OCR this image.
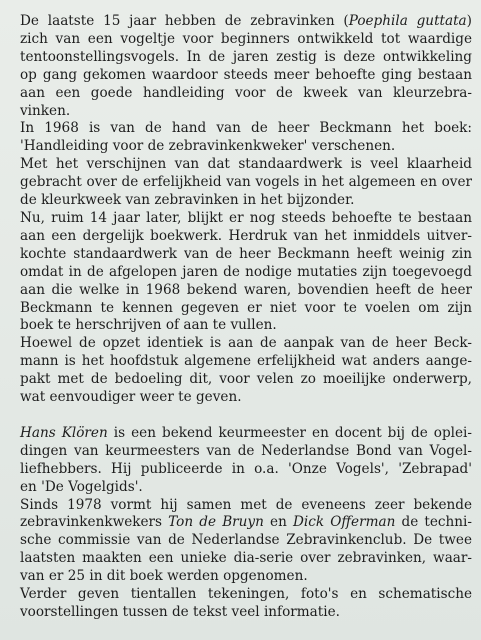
De laatste 15 jaar hebben de zebravinken (Poephila guttata)
zich van een vogeltje voor beginners ontwikkeld tot waardige
tentoonstellingsvogels. In de jaren zestig is deze ontwikkeling
op gang gekomen waardoor steeds meer behoefte ging bestaan
aan een goede handleiding voor de kweek van kleurzebra-
vinken.
In 1968 is van de hand van de heer Beckmann het boek:
'Handleiding voor de zebravinkenkweker' verschenen.
Met het verschijnen van dat standaardwerk is veel klaarheid
gebracht over de erfelijkheid van vogels in het algemeen en over
de kleurkweek van zebravinken in het bijzonder.
Nu, ruim 14 jaar later, blijkt er nog steeds behoefte te bestaan
aan een dergelijk boekwerk. Herdruk van het inmiddels uitver-
kochte standaardwerk van de heer Beckmann heeft weinig zin
omdat in de afgelopen jaren de nodige mutaties zijn toegevoegd
aan die welke in 1968 bekend waren, bovendien heeft de heer
Beckmann te kennen gegeven er niet voor te voelen om zijn
boek te herschrijven of aan te vullen.
Hoewel de opzet identiek is aan de aanpak van de heer Beck-
mann is het hoofdstuk algemene erfelijkheid wat anders aange-
pakt met de bedoeling dit, voor velen zo moeilijke onderwerp,
wat eenvoudiger weer te geven.
Hans Klören is een bekend keurmeester en docent bij de oplei-
dingen van keurmeesters van de Nederlandse Bond van Vogel-
liefhebbers. Hij publiceerde in o.a. 'Onze Vogels', 'Zebrapad'
en 'De Vogelgids'.
Sinds 1978 vormt hij samen met de eveneens zeer bekende
zebravinkenkwekers Ton de Bruyn en Dick Offerman de techni-
sche commissie van de Nederlandse Zebravinkenclub. De twee
laatsten maakten een unieke dia-serie over zebravinken, waar-
van er 25 in dit boek werden opgenomen.
Verder geven tientallen tekeningen, foto's en schematische
voorstellingen tussen de tekst veel informatie.
